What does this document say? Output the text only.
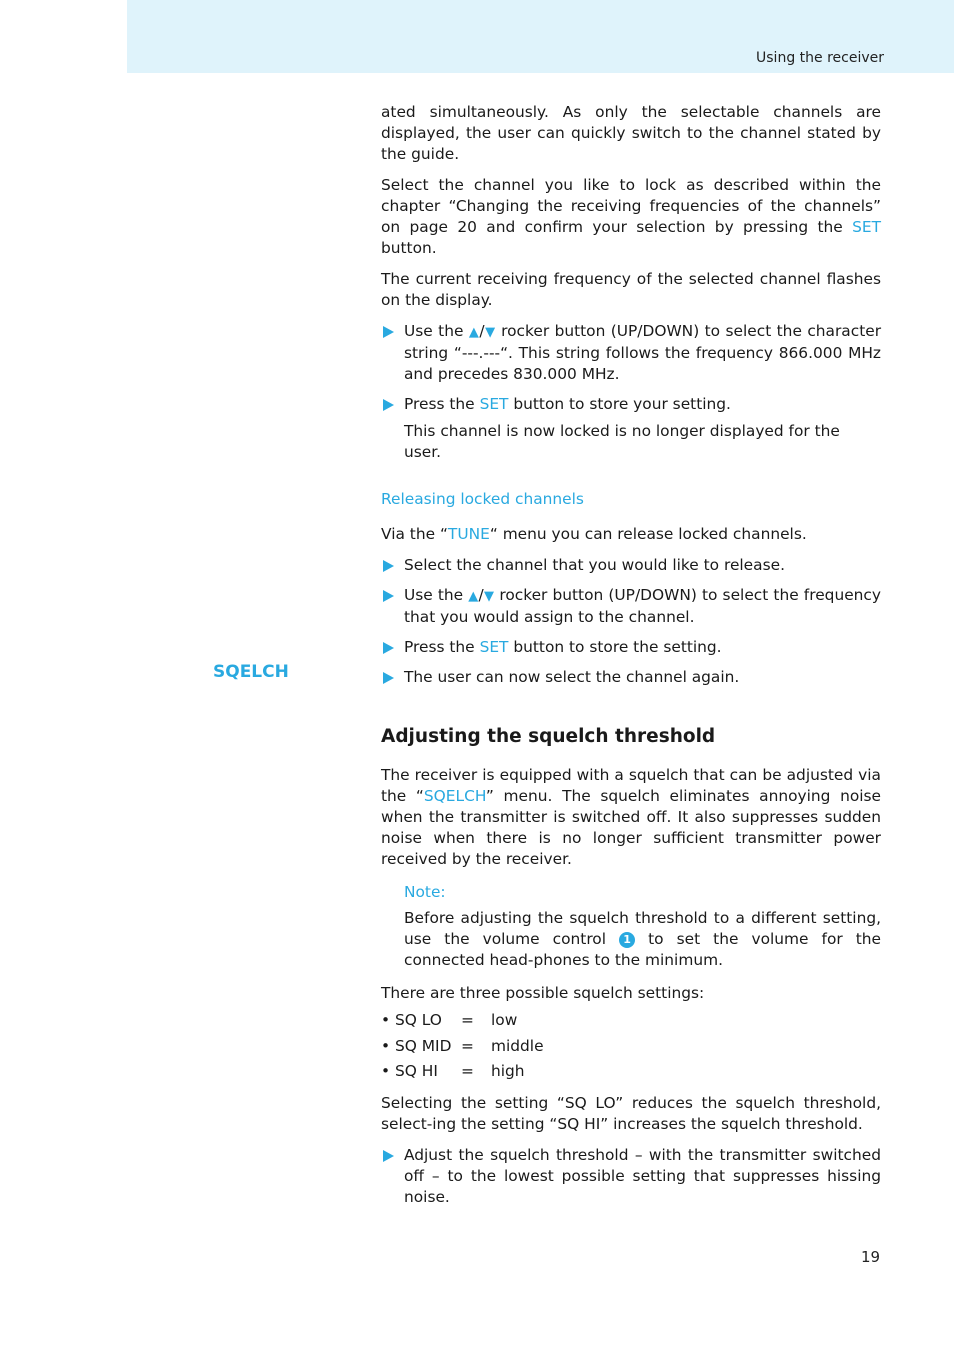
Using the receiver
SQELCH

ated simultaneously. As only the selectable channels are displayed, the user can quickly switch to the channel stated by the guide.

Select the channel you like to lock as described within the chapter “Changing the receiving frequencies of the channels” on page 20 and confirm your selection by pressing the SET button.

The current receiving frequency of the selected channel flashes on the display.

Use the ▲/▼ rocker button (UP/DOWN) to select the character string “---.---“. This string follows the frequency 866.000 MHz and precedes 830.000 MHz.
Press the SET button to store your setting.
This channel is now locked is no longer displayed for the user.
Releasing locked channels

Via the “TUNE“ menu you can release locked channels.

Select the channel that you would like to release.
Use the ▲/▼ rocker button (UP/DOWN) to select the frequency that you would assign to the channel.
Press the SET button to store the setting.
The user can now select the channel again.
Adjusting the squelch threshold

The receiver is equipped with a squelch that can be adjusted via the “SQELCH” menu. The squelch eliminates annoying noise when the transmitter is switched off. It also suppresses sudden noise when there is no longer sufficient transmitter power received by the receiver.

Note:
Before adjusting the squelch threshold to a different setting, use the volume control 1 to set the volume for the connected head-phones to the minimum.

There are three possible squelch settings:

• SQ LO	=	low
• SQ MID =	middle
• SQ HI	=	high

Selecting the setting “SQ LO” reduces the squelch threshold, select-ing the setting “SQ HI” increases the squelch threshold.

Adjust the squelch threshold – with the transmitter switched off – to the lowest possible setting that suppresses hissing noise.
19
